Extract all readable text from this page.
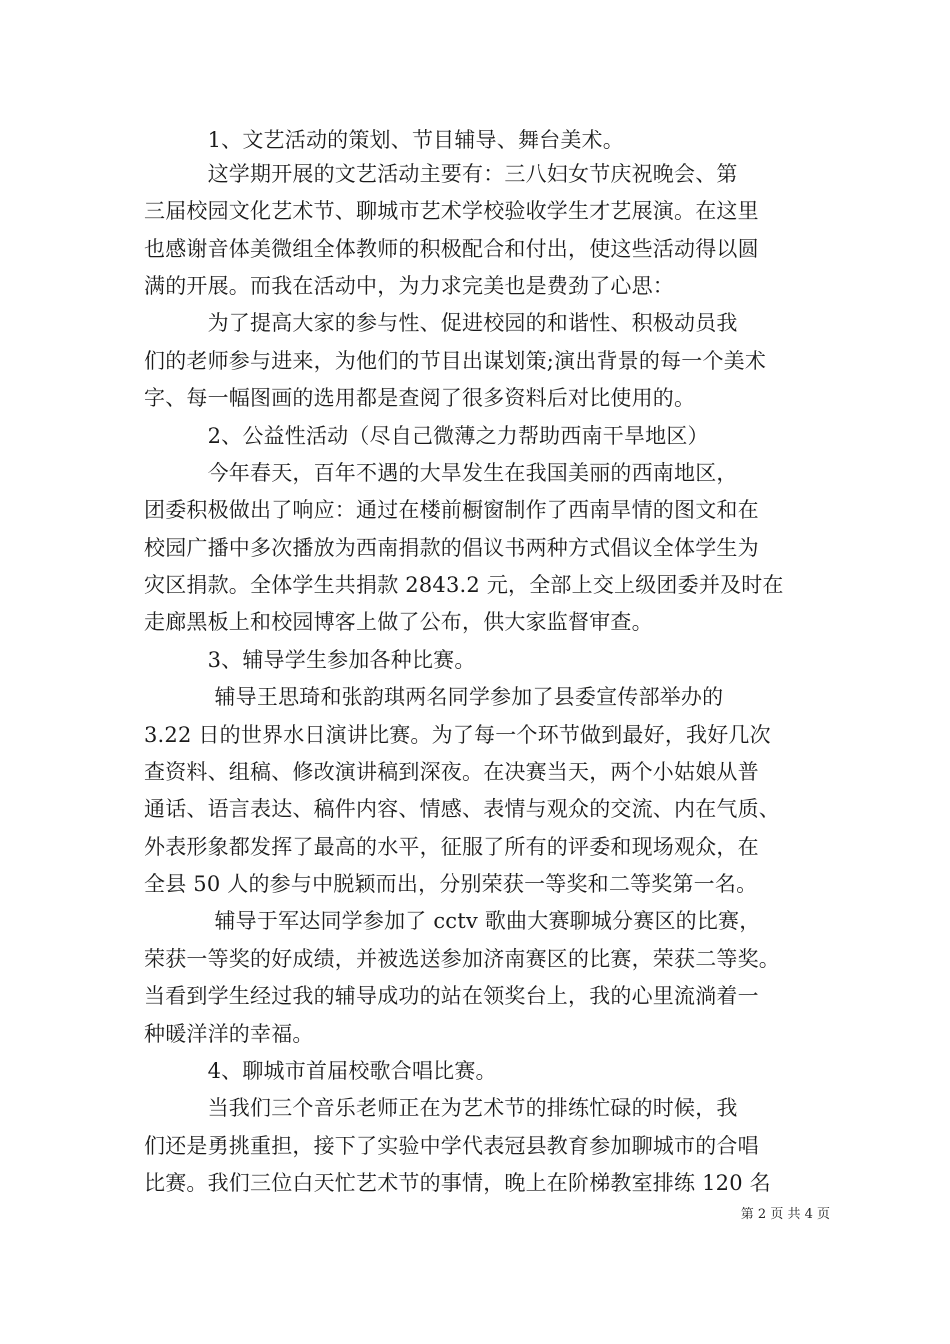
　　　1、文艺活动的策划、节目辅导、舞台美术。
　　　这学期开展的文艺活动主要有：三八妇女节庆祝晚会、第
三届校园文化艺术节、聊城市艺术学校验收学生才艺展演。在这里
也感谢音体美微组全体教师的积极配合和付出，使这些活动得以圆
满的开展。而我在活动中，为力求完美也是费劲了心思：
　　　为了提高大家的参与性、促进校园的和谐性、积极动员我
们的老师参与进来，为他们的节目出谋划策;演出背景的每一个美术
字、每一幅图画的选用都是查阅了很多资料后对比使用的。
　　　2、公益性活动（尽自己微薄之力帮助西南干旱地区）
　　　今年春天，百年不遇的大旱发生在我国美丽的西南地区，
团委积极做出了响应：通过在楼前橱窗制作了西南旱情的图文和在
校园广播中多次播放为西南捐款的倡议书两种方式倡议全体学生为
灾区捐款。全体学生共捐款 2843.2 元，全部上交上级团委并及时在
走廊黑板上和校园博客上做了公布，供大家监督审查。
　　　3、辅导学生参加各种比赛。
　　　 辅导王思琦和张韵琪两名同学参加了县委宣传部举办的
3.22 日的世界水日演讲比赛。为了每一个环节做到最好，我好几次
查资料、组稿、修改演讲稿到深夜。在决赛当天，两个小姑娘从普
通话、语言表达、稿件内容、情感、表情与观众的交流、内在气质、
外表形象都发挥了最高的水平，征服了所有的评委和现场观众，在
全县 50 人的参与中脱颖而出，分别荣获一等奖和二等奖第一名。
　　　 辅导于军达同学参加了 cctv 歌曲大赛聊城分赛区的比赛，
荣获一等奖的好成绩，并被选送参加济南赛区的比赛，荣获二等奖。
当看到学生经过我的辅导成功的站在领奖台上，我的心里流淌着一
种暖洋洋的幸福。
　　　4、聊城市首届校歌合唱比赛。
　　　当我们三个音乐老师正在为艺术节的排练忙碌的时候，我
们还是勇挑重担，接下了实验中学代表冠县教育参加聊城市的合唱
比赛。我们三位白天忙艺术节的事情，晚上在阶梯教室排练 120 名
第 2 页 共 4 页
